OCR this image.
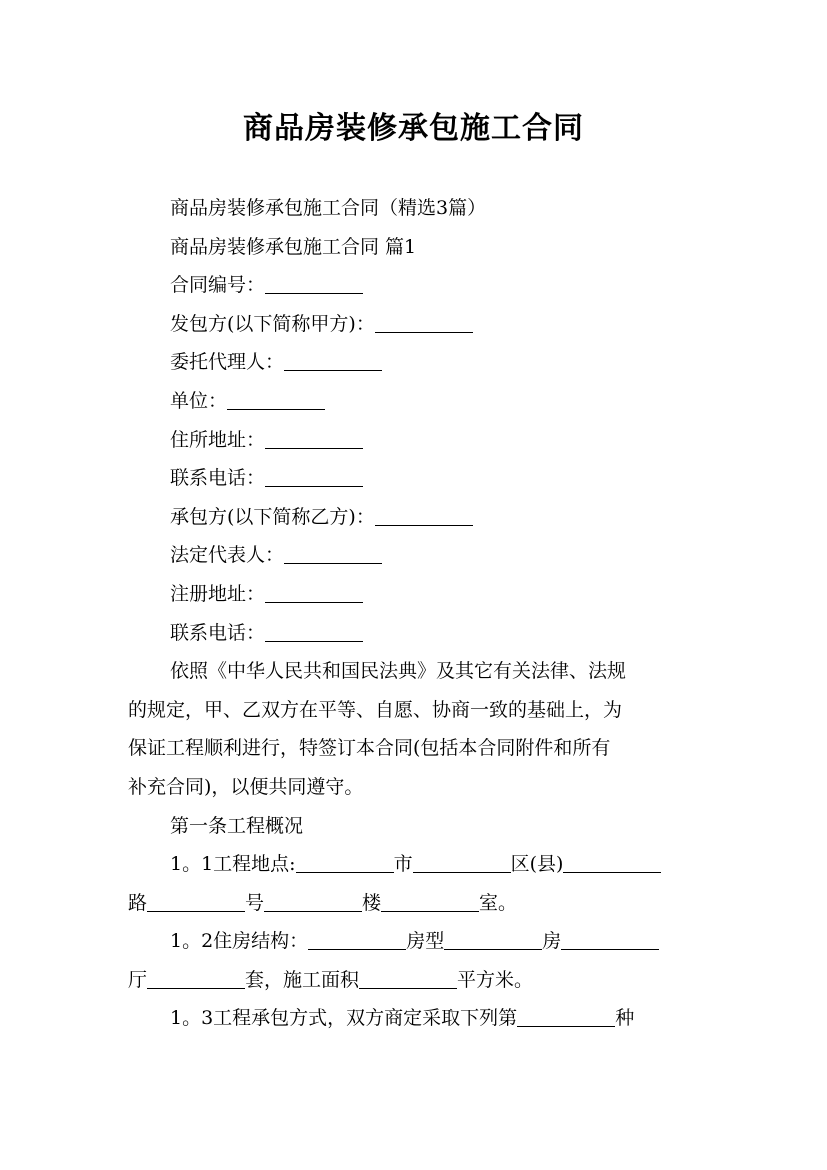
商品房装修承包施工合同
商品房装修承包施工合同（精选3篇）
商品房装修承包施工合同 篇1
合同编号：
发包方(以下简称甲方)：
委托代理人：
单位：
住所地址：
联系电话：
承包方(以下简称乙方)：
法定代表人：
注册地址：
联系电话：
依照《中华人民共和国民法典》及其它有关法律、法规
的规定，甲、乙双方在平等、自愿、协商一致的基础上，为
保证工程顺利进行，特签订本合同(包括本合同附件和所有
补充合同)，以便共同遵守。
第一条工程概况
1。1工程地点:	市	区(县)
路	号	楼	室。
1。2住房结构：	房型	房
厅	套，施工面积	平方米。
1。3工程承包方式，双方商定采取下列第	种
